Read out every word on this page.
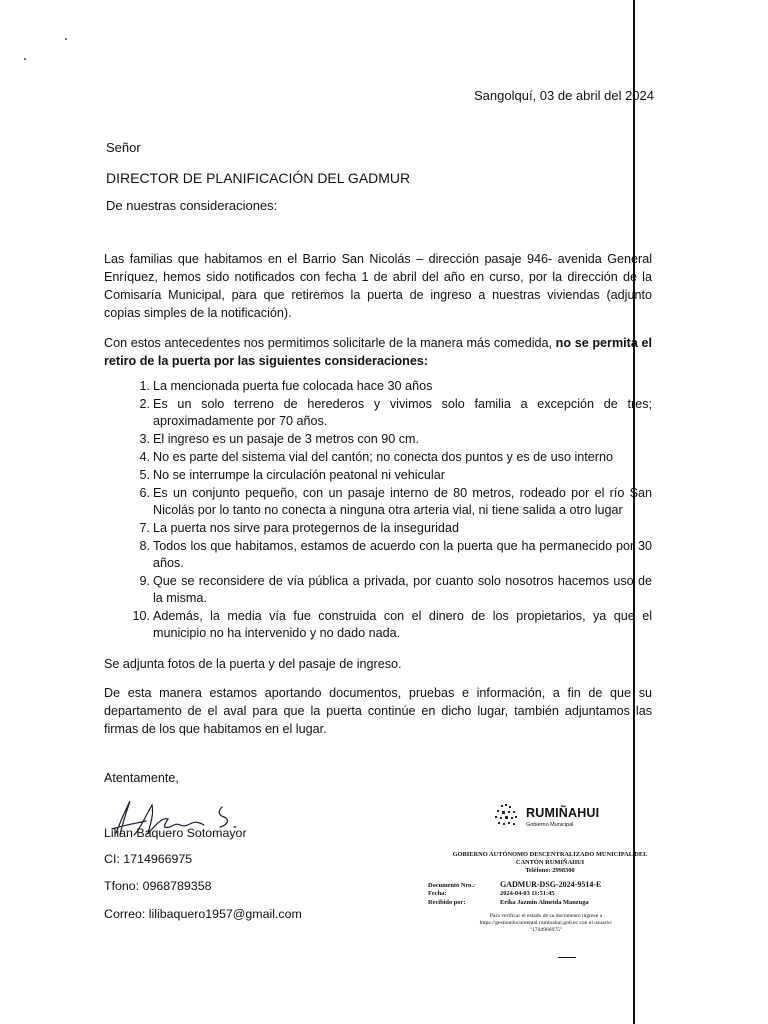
Sangolquí, 03 de abril del 2024
Señor
DIRECTOR DE PLANIFICACIÓN DEL GADMUR
De nuestras consideraciones:
Las familias que habitamos en el Barrio San Nicolás – dirección pasaje 946- avenida General Enríquez, hemos sido notificados con fecha 1 de abril del año en curso, por la dirección de la Comisaría Municipal, para que retiremos la puerta de ingreso a nuestras viviendas (adjunto copias simples de la notificación).
Con estos antecedentes nos permitimos solicitarle de la manera más comedida, no se permita el retiro de la puerta por las siguientes consideraciones:
1. La mencionada puerta fue colocada hace 30 años
2. Es un solo terreno de herederos y vivimos solo familia a excepción de tres; aproximadamente por 70 años.
3. El ingreso es un pasaje de 3 metros con 90 cm.
4. No es parte del sistema vial del cantón; no conecta dos puntos y es de uso interno
5. No se interrumpe la circulación peatonal ni vehicular
6. Es un conjunto pequeño, con un pasaje interno de 80 metros, rodeado por el río San Nicolás por lo tanto no conecta a ninguna otra arteria vial, ni tiene salida a otro lugar
7. La puerta nos sirve para protegernos de la inseguridad
8. Todos los que habitamos, estamos de acuerdo con la puerta que ha permanecido por 30 años.
9. Que se reconsidere de vía pública a privada, por cuanto solo nosotros hacemos uso de la misma.
10. Además, la media vía fue construida con el dinero de los propietarios, ya que el municipio no ha intervenido y no dado nada.
Se adjunta fotos de la puerta y del pasaje de ingreso.
De esta manera estamos aportando documentos, pruebas e información, a fin de que su departamento de el aval para que la puerta continúe en dicho lugar, también adjuntamos las firmas de los que habitamos en el lugar.
Atentamente,
Lilian Baquero Sotomayor
CI: 1714966975
Tfono: 0968789358
Correo: lilibaquero1957@gmail.com
RUMIÑAHUI
Gobierno Municipal
GOBIERNO AUTÓNOMO DESCENTRALIZADO MUNICIPAL DEL
CANTÓN RUMIÑAHUI
Teléfono: 2998300
Documento Nro.:	GADMUR-DSG-2024-9514-E
Fecha:	2024-04-03 11:51:45
Recibido por:	Erika Jazmín Almeida Manzuga
Para verificar el estado de su documento ingrese a https://gestiondocumental.ruminahui.gob.ec con el usuario: "1704966975"
